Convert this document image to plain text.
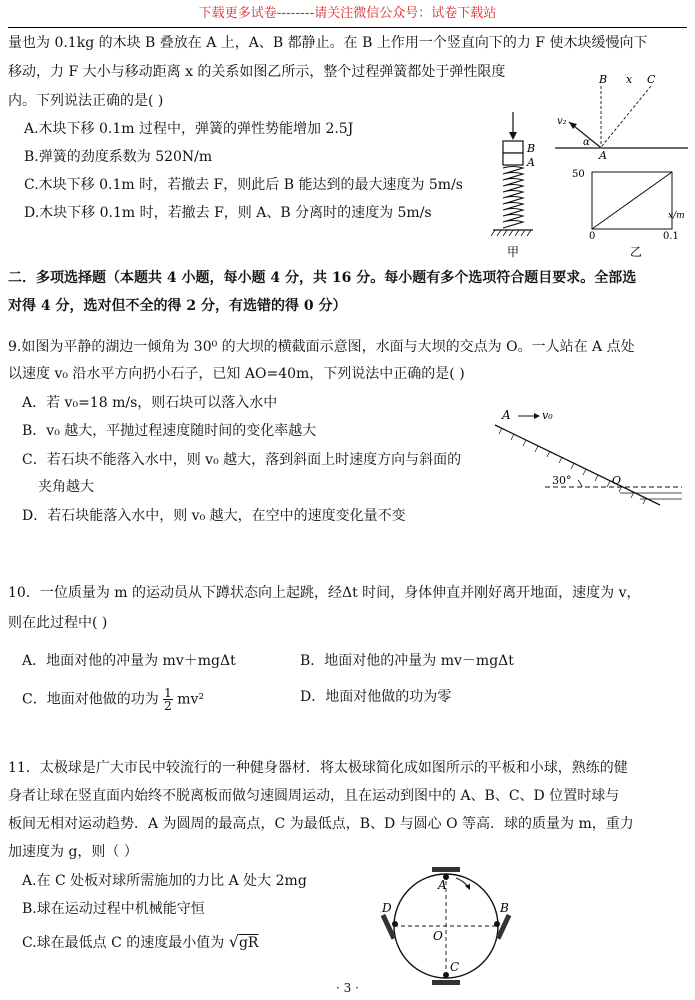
下载更多试卷--------请关注微信公众号：试卷下载站
量也为 0.1kg 的木块 B 叠放在 A 上，A、B 都静止。在 B 上作用一个竖直向下的力 F 使木块缓慢向下
移动，力 F 大小与移动距离 x 的关系如图乙所示，整个过程弹簧都处于弹性限度
内。下列说法正确的是( )
A.木块下移 0.1m 过程中，弹簧的弹性势能增加 2.5J
B.弹簧的劲度系数为 520N/m
C.木块下移 0.1m 时，若撤去 F，则此后 B 能达到的最大速度为 5m/s
D.木块下移 0.1m 时，若撤去 F，则 A、B 分离时的速度为 5m/s
B
A
甲
B x C
v₂
α
A
50
x/m
0	0.1
乙
二．多项选择题（本题共 4 小题，每小题 4 分，共 16 分。每小题有多个选项符合题目要求。全部选
对得 4 分，选对但不全的得 2 分，有选错的得 0 分）
9.如图为平静的湖边一倾角为 30⁰ 的大坝的横截面示意图，水面与大坝的交点为 O。一人站在 A 点处
以速度 v₀ 沿水平方向扔小石子，已知 AO=40m，下列说法中正确的是( )
A．若 v₀=18 m/s，则石块可以落入水中
B．v₀ 越大，平抛过程速度随时间的变化率越大
C．若石块不能落入水中，则 v₀ 越大，落到斜面上时速度方向与斜面的
夹角越大
D．若石块能落入水中，则 v₀ 越大，在空中的速度变化量不变
A	v₀
30°	O
10．一位质量为 m 的运动员从下蹲状态向上起跳，经Δt 时间，身体伸直并刚好离开地面，速度为 v，
则在此过程中( )
A．地面对他的冲量为 mv＋mgΔt	B．地面对他的冲量为 mv－mgΔt
C．地面对他做的功为 $\frac{1}{2} mv^2$	D．地面对他做的功为零
11．太极球是广大市民中较流行的一种健身器材．将太极球简化成如图所示的平板和小球，熟练的健
身者让球在竖直面内始终不脱离板而做匀速圆周运动，且在运动到图中的 A、B、C、D 位置时球与
板间无相对运动趋势．A 为圆周的最高点，C 为最低点，B、D 与圆心 O 等高．球的质量为 m，重力
加速度为 g，则（ ）
A.在 C 处板对球所需施加的力比 A 处大 2mg
B.球在运动过程中机械能守恒
C.球在最低点 C 的速度最小值为 √gR
A
B
C
D
O
· 3 ·
